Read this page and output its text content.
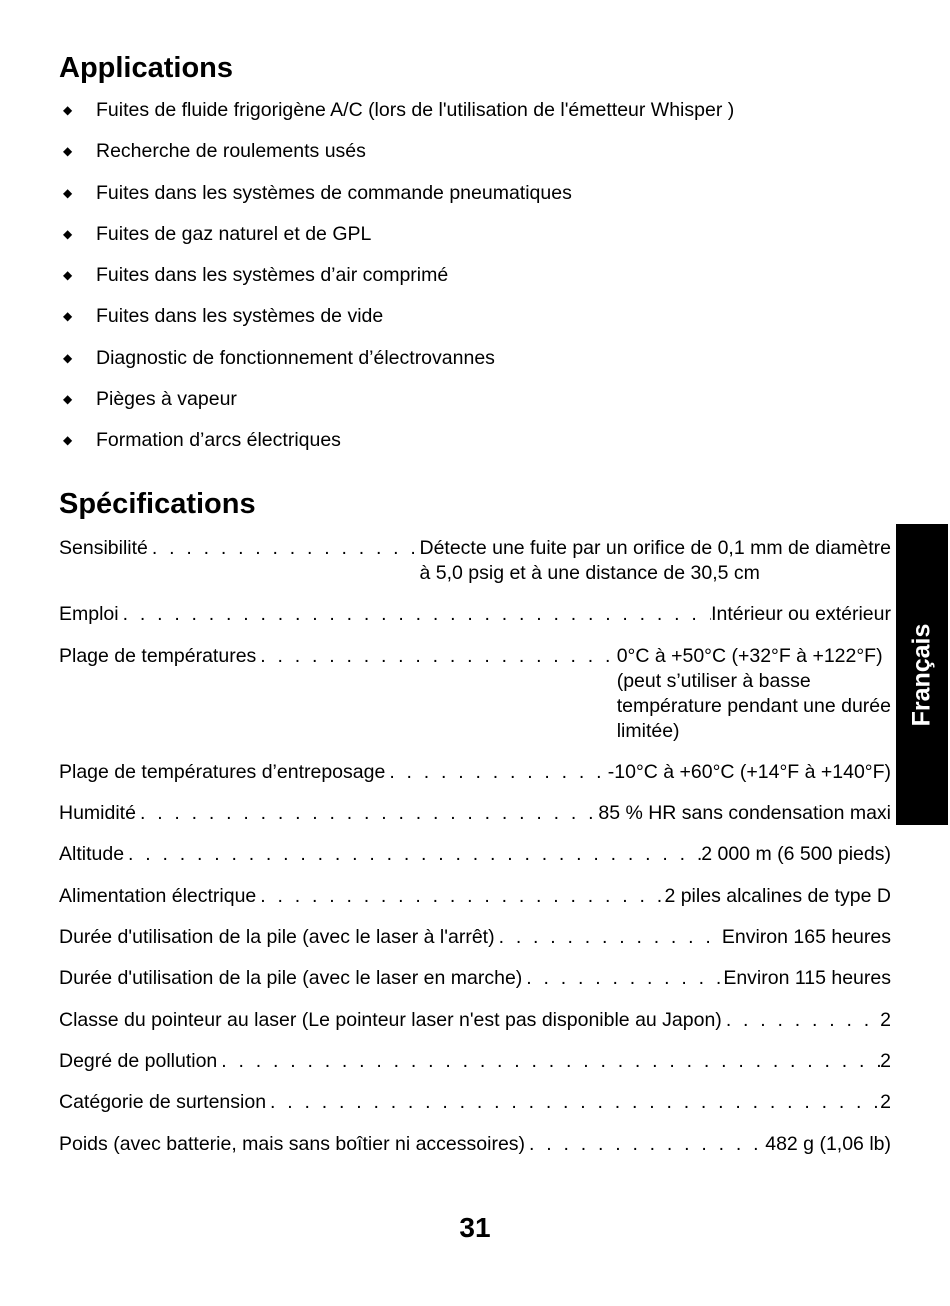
Applications
◆ Fuites de fluide frigorigène A/C (lors de l'utilisation de l'émetteur Whisper )
◆ Recherche de roulements usés
◆ Fuites dans les systèmes de commande pneumatiques
◆ Fuites de gaz naturel et de GPL
◆ Fuites dans les systèmes d’air comprimé
◆ Fuites dans les systèmes de vide
◆ Diagnostic de fonctionnement d’électrovannes
◆ Pièges à vapeur
◆ Formation d’arcs électriques
Spécifications
Sensibilité . . .	Détecte une fuite par un orifice de 0,1 mm de diamètre
à 5,0 psig et à une distance de 30,5 cm
Emploi . . .	Intérieur ou extérieur
Plage de températures . . .	0°C à +50°C (+32°F à +122°F)
(peut s’utiliser à basse
température pendant une durée
limitée)
Plage de températures d’entreposage . . .	-10°C à +60°C (+14°F à +140°F)
Humidité . . .	85 % HR sans condensation maxi
Altitude . . .	2 000 m (6 500 pieds)
Alimentation électrique . . .	2 piles alcalines de type D
Durée d'utilisation de la pile (avec le laser à l'arrêt) . . .	Environ 165 heures
Durée d'utilisation de la pile (avec le laser en marche) . . .	Environ 115 heures
Classe du pointeur au laser (Le pointeur laser n'est pas disponible au Japon) . . .	2
Degré de pollution . . .	2
Catégorie de surtension . . .	2
Poids (avec batterie, mais sans boîtier ni accessoires) . . .	482 g (1,06 lb)
Français
31
